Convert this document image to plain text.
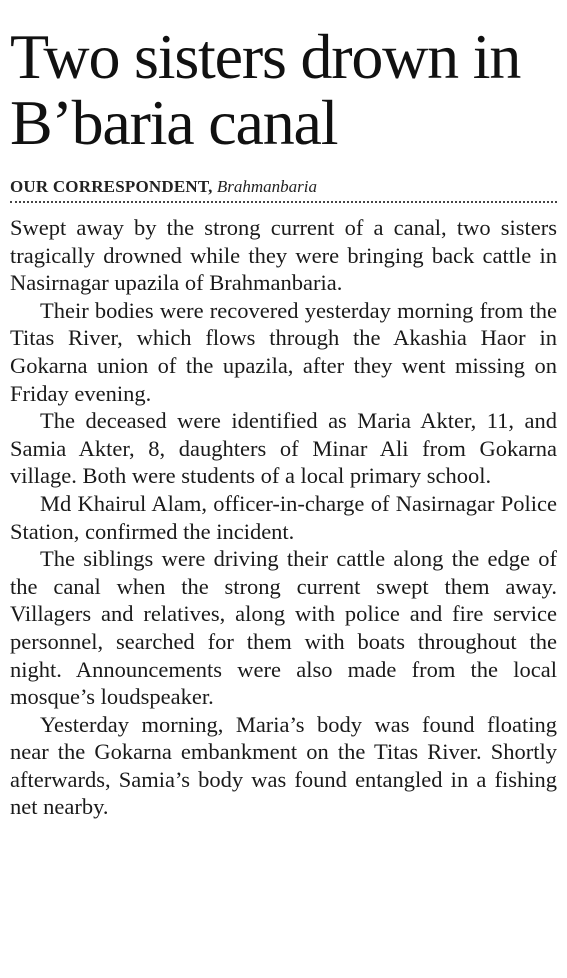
Two sisters drown in B’baria canal
OUR CORRESPONDENT, Brahmanbaria

Swept away by the strong current of a canal, two sisters tragically drowned while they were bringing back cattle in Nasirnagar upazila of Brahmanbaria.

Their bodies were recovered yesterday morning from the Titas River, which flows through the Akashia Haor in Gokarna union of the upazila, after they went missing on Friday evening.

The deceased were identified as Maria Akter, 11, and Samia Akter, 8, daughters of Minar Ali from Gokarna village. Both were students of a local primary school.

Md Khairul Alam, officer-in-charge of Nasirnagar Police Station, confirmed the incident.

The siblings were driving their cattle along the edge of the canal when the strong current swept them away. Villagers and relatives, along with police and fire service personnel, searched for them with boats throughout the night. Announcements were also made from the local mosque’s loudspeaker.

Yesterday morning, Maria’s body was found floating near the Gokarna embankment on the Titas River. Shortly afterwards, Samia’s body was found entangled in a fishing net nearby.
